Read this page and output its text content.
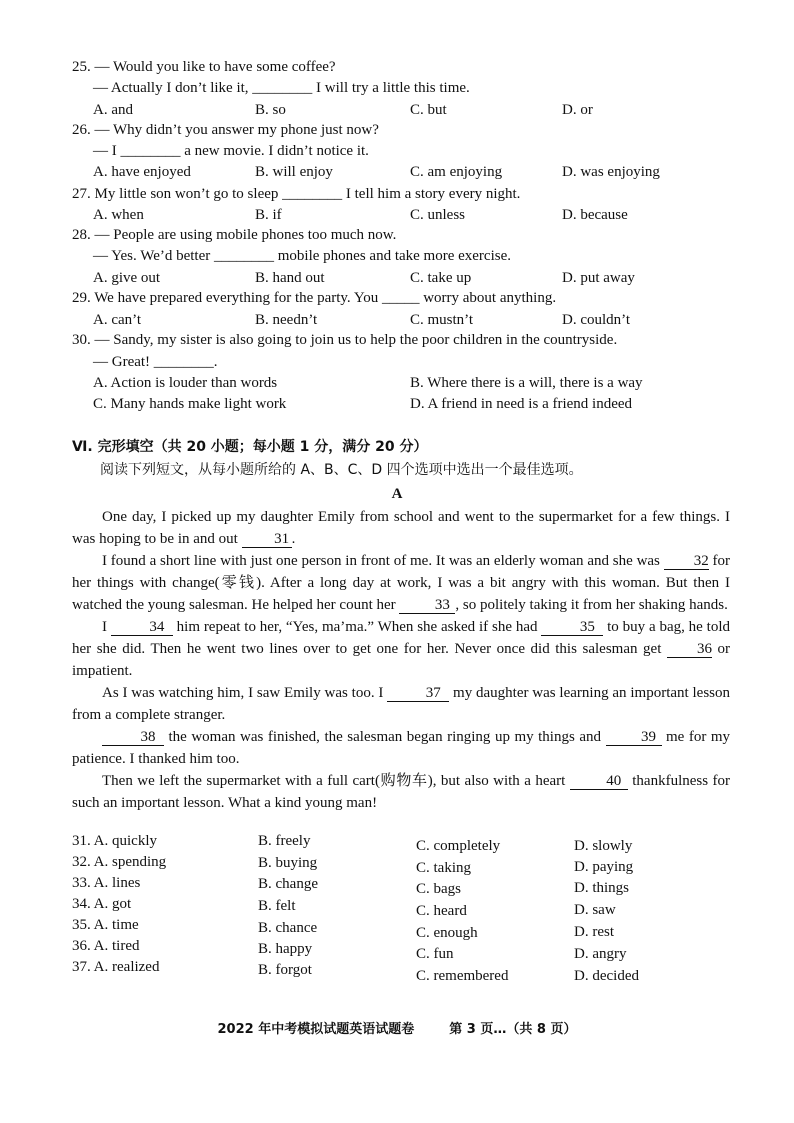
25. — Would you like to have some coffee?
— Actually I don’t like it, ________ I will try a little this time.
A. and	B. so	C. but	D. or
26. — Why didn’t you answer my phone just now?
— I ________ a new movie. I didn’t notice it.
A. have enjoyed	B. will enjoy	C. am enjoying	D. was enjoying
27. My little son won’t go to sleep ________ I tell him a story every night.
A. when	B. if	C. unless	D. because
28. — People are using mobile phones too much now.
— Yes. We’d better ________ mobile phones and take more exercise.
A. give out	B. hand out	C. take up	D. put away
29. We have prepared everything for the party. You _____ worry about anything.
A. can’t	B. needn’t	C. mustn’t	D. couldn’t
30. — Sandy, my sister is also going to join us to help the poor children in the countryside.
— Great! ________.
A. Action is louder than words	B. Where there is a will, there is a way
C. Many hands make light work	D. A friend in need is a friend indeed
Ⅵ. 完形填空（共 20 小题；每小题 1 分，满分 20 分）
阅读下列短文，从每小题所给的 A、B、C、D 四个选项中选出一个最佳选项。
A

One day, I picked up my daughter Emily from school and went to the supermarket for a few things. I was hoping to be in and out 31 .

I found a short line with just one person in front of me. It was an elderly woman and she was 32 for her things with change(零钱). After a long day at work, I was a bit angry with this woman. But then I watched the young salesman. He helped her count her	33 , so politely taking it from her shaking hands.

I	34 him repeat to her, “Yes, ma’ma.” When she asked if she had	35 to buy a bag, he told her she did. Then he went two lines over to get one for her. Never once did this salesman get 36 or impatient.

As I was watching him, I saw Emily was too. I	37 my daughter was learning an important lesson from a complete stranger.

38 the woman was finished, the salesman began ringing up my things and	39 me for my patience. I thanked him too.

Then we left the supermarket with a full cart(购物车), but also with a heart	40 thankfulness for such an important lesson. What a kind young man!

31. A. quickly	B. freely	C. completely	D. slowly
32. A. spending	B. buying	C. taking	D. paying
33. A. lines	B. change	C. bags	D. things
34. A. got	B. felt	C. heard	D. saw
35. A. time	B. chance	C. enough	D. rest
36. A. tired	B. happy	C. fun	D. angry
37. A. realized	B. forgot	C. remembered	D. decided
2022 年中考模拟试题英语试题卷	第 3 页…（共 8 页）
